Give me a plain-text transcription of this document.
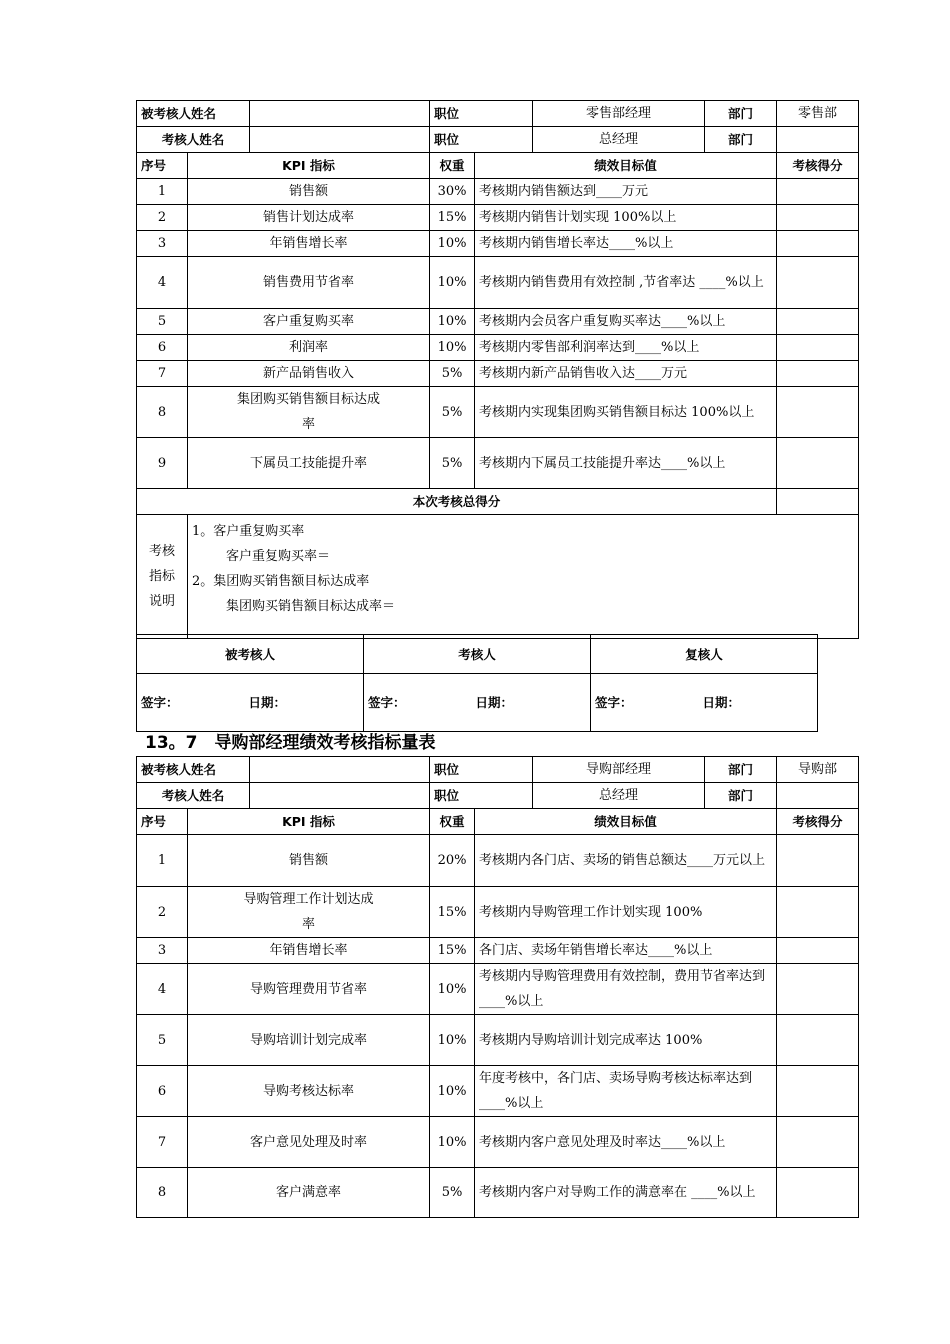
被考核人姓名			职位		零售部经理	部门	零售部
考核人姓名			职位		总经理	部门	
序号	KPI 指标		权重	绩效目标值			考核得分
1	销售额		30%	考核期内销售额达到____万元			
2	销售计划达成率		15%	考核期内销售计划实现 100%以上			
3	年销售增长率		10%	考核期内销售增长率达____%以上			
4	销售费用节省率		10%	考核期内销售费用有效控制 ,节省率达 ____%以上			
5	客户重复购买率		10%	考核期内会员客户重复购买率达____%以上			
6	利润率		10%	考核期内零售部利润率达到____%以上			
7	新产品销售收入		5%	考核期内新产品销售收入达____万元			
8	集团购买销售额目标达成率		5%	考核期内实现集团购买销售额目标达 100%以上			
9	下属员工技能提升率		5%	考核期内下属员工技能提升率达____%以上			
本次考核总得分							
考核指标说明	1。客户重复购买率
客户重复购买率＝
2。集团购买销售额目标达成率
集团购买销售额目标达成率＝						
被考核人	考核人	复核人
签字： 日期：	签字： 日期：	签字： 日期：
13。7　导购部经理绩效考核指标量表
被考核人姓名			职位		导购部经理	部门	导购部
考核人姓名			职位		总经理	部门	
序号	KPI 指标		权重	绩效目标值			考核得分
1	销售额		20%	考核期内各门店、卖场的销售总额达____万元以上			
2	导购管理工作计划达成率		15%	考核期内导购管理工作计划实现 100%			
3	年销售增长率		15%	各门店、卖场年销售增长率达____%以上			
4	导购管理费用节省率		10%	考核期内导购管理费用有效控制，费用节省率达到____%以上			
5	导购培训计划完成率		10%	考核期内导购培训计划完成率达 100%			
6	导购考核达标率		10%	年度考核中，各门店、卖场导购考核达标率达到____%以上			
7	客户意见处理及时率		10%	考核期内客户意见处理及时率达____%以上			
8	客户满意率		5%	考核期内客户对导购工作的满意率在 ____%以上			
